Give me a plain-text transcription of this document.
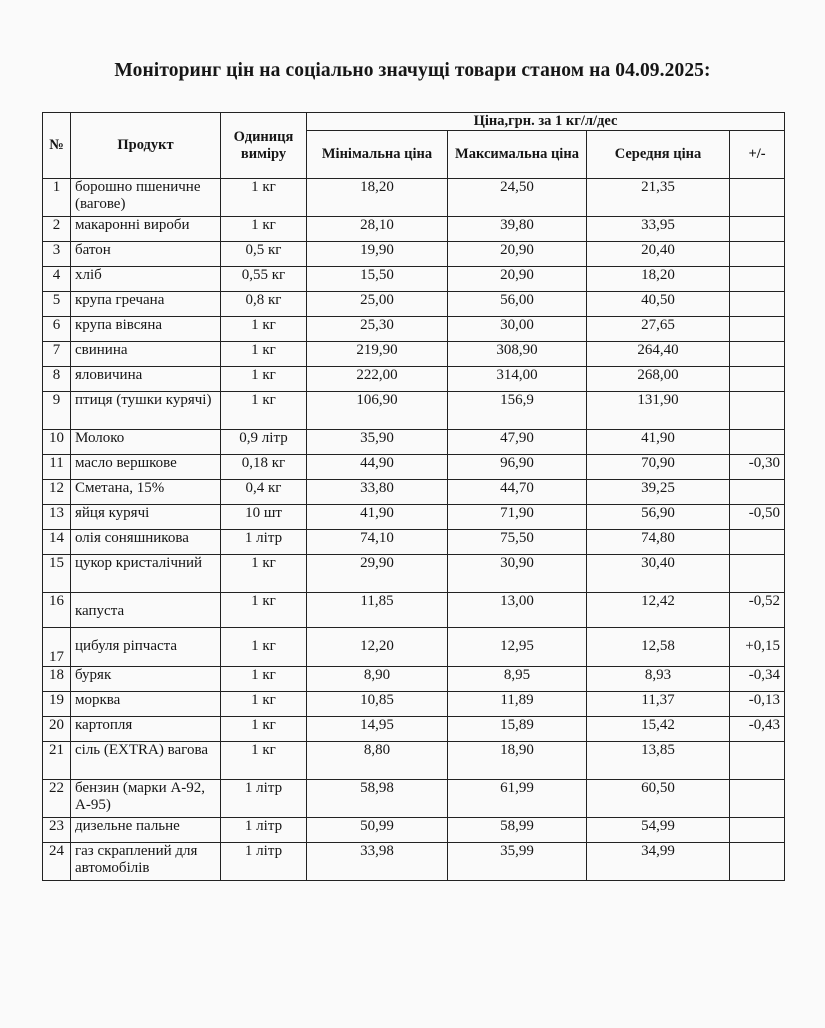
Моніторинг цін на соціально значущі товари станом на 04.09.2025:
№	Продукт	Одиниця виміру	Ціна,грн. за 1 кг/л/дес			
			Мінімальна ціна	Максимальна ціна	Середня ціна	+/-
1	борошно пшеничне (вагове)	1 кг	18,20	24,50	21,35	
2	макаронні вироби	1 кг	28,10	39,80	33,95	
3	батон	0,5 кг	19,90	20,90	20,40	
4	хліб	0,55 кг	15,50	20,90	18,20	
5	крупа гречана	0,8 кг	25,00	56,00	40,50	
6	крупа вівсяна	1 кг	25,30	30,00	27,65	
7	свинина	1 кг	219,90	308,90	264,40	
8	яловичина	1 кг	222,00	314,00	268,00	
9	птиця (тушки курячі)	1 кг	106,90	156,9	131,90	
10	Молоко	0,9 літр	35,90	47,90	41,90	
11	масло вершкове	0,18 кг	44,90	96,90	70,90	-0,30
12	Сметана, 15%	0,4 кг	33,80	44,70	39,25	
13	яйця курячі	10 шт	41,90	71,90	56,90	-0,50
14	олія соняшникова	1 літр	74,10	75,50	74,80	
15	цукор кристалічний	1 кг	29,90	30,90	30,40	
16	капуста	1 кг	11,85	13,00	12,42	-0,52
17	цибуля ріпчаста	1 кг	12,20	12,95	12,58	+0,15
18	буряк	1 кг	8,90	8,95	8,93	-0,34
19	морква	1 кг	10,85	11,89	11,37	-0,13
20	картопля	1 кг	14,95	15,89	15,42	-0,43
21	сіль (EXTRA) вагова	1 кг	8,80	18,90	13,85	
22	бензин (марки А-92, А-95)	1 літр	58,98	61,99	60,50	
23	дизельне пальне	1 літр	50,99	58,99	54,99	
24	газ скраплений для автомобілів	1 літр	33,98	35,99	34,99	
